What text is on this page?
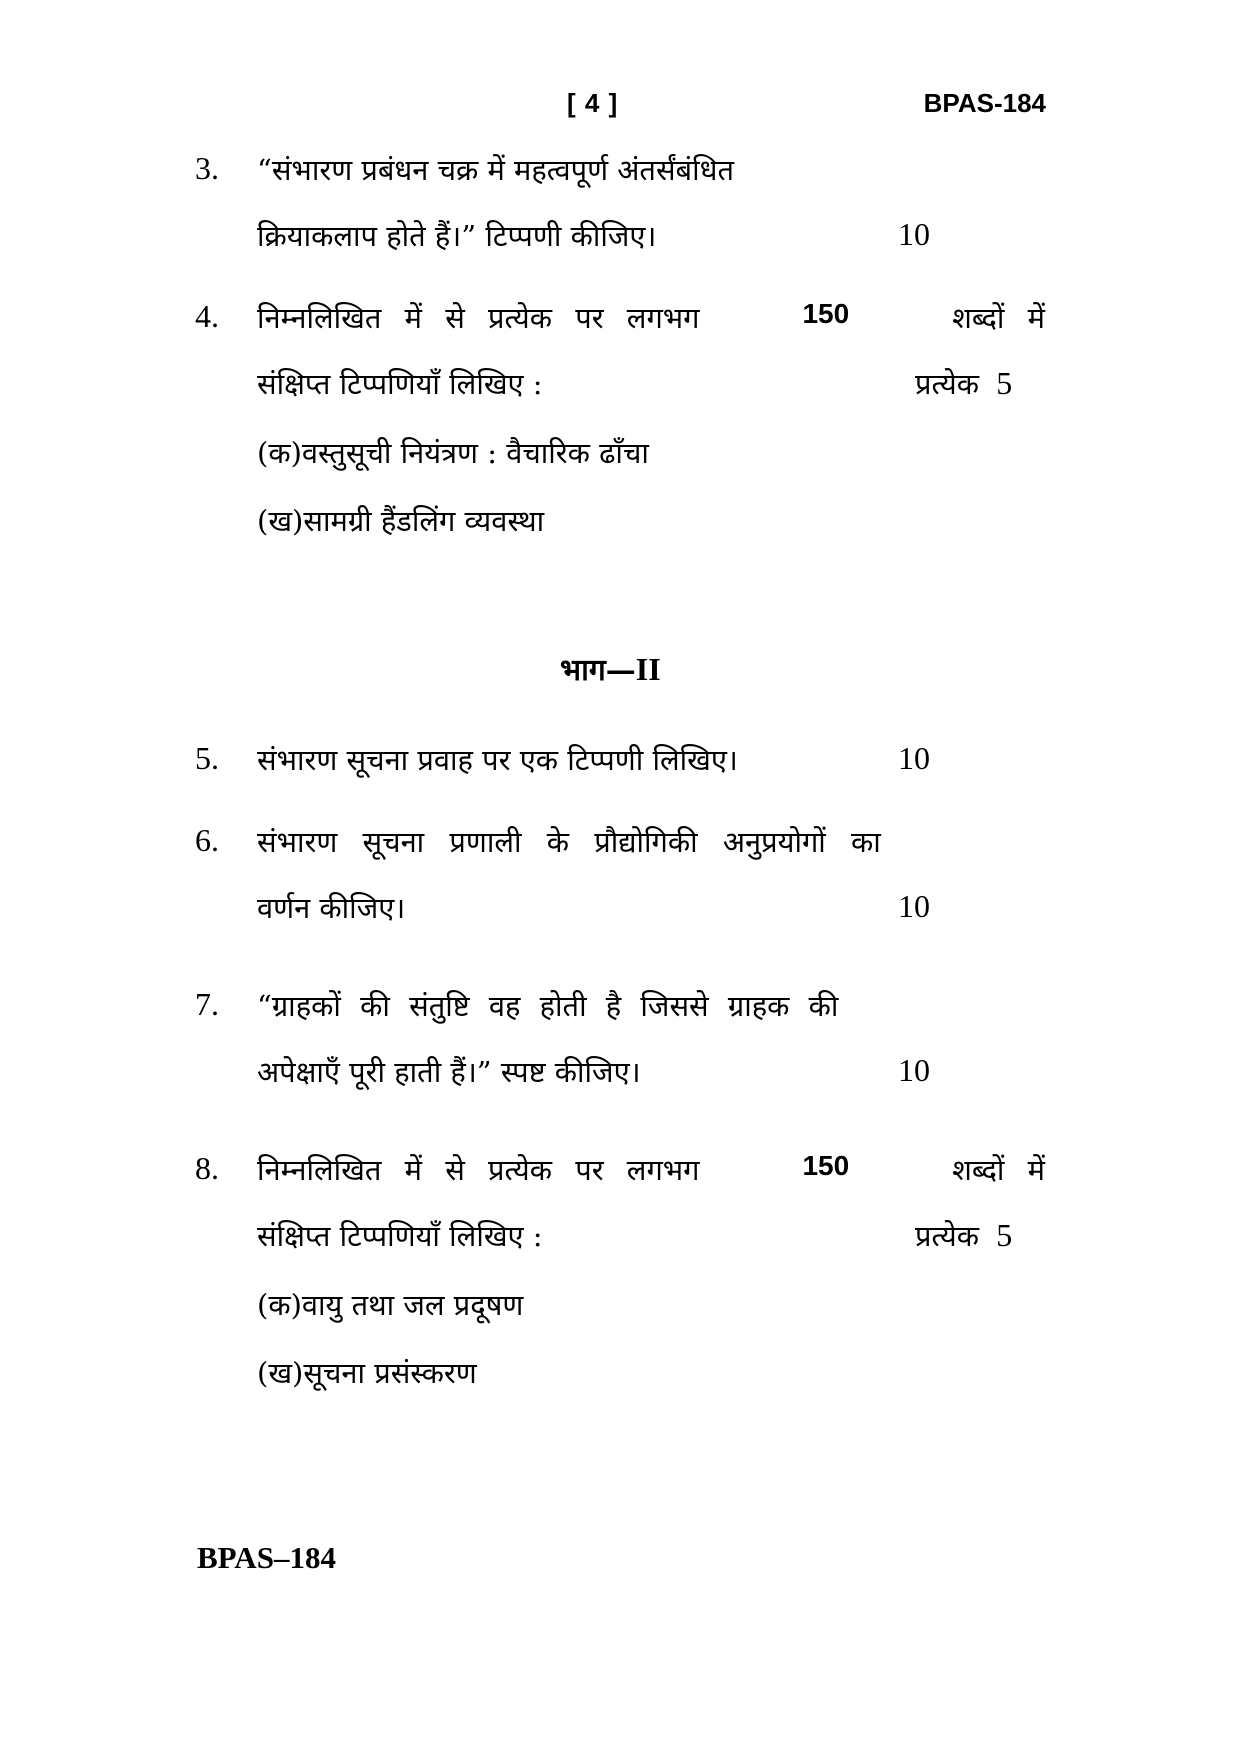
[ 4 ]	BPAS-184
3. “संभारण प्रबंधन चक्र में महत्वपूर्ण अंतर्संबंधित
क्रियाकलाप होते हैं।” टिप्पणी कीजिए।	10
4. निम्नलिखित में से प्रत्येक पर लगभग	150	शब्दों में
संक्षिप्त टिप्पणियाँ लिखिए :	प्रत्येक 5
(क)वस्तुसूची नियंत्रण : वैचारिक ढाँचा
(ख)सामग्री हैंडलिंग व्यवस्था
भाग—II
5. संभारण सूचना प्रवाह पर एक टिप्पणी लिखिए।	10
6. संभारण सूचना प्रणाली के प्रौद्योगिकी अनुप्रयोगों का
वर्णन कीजिए।	10
7. “ग्राहकों की संतुष्टि वह होती है जिससे ग्राहक की
अपेक्षाएँ पूरी हाती हैं।” स्पष्ट कीजिए।	10
8. निम्नलिखित में से प्रत्येक पर लगभग	150	शब्दों में
संक्षिप्त टिप्पणियाँ लिखिए :	प्रत्येक 5
(क)वायु तथा जल प्रदूषण
(ख)सूचना प्रसंस्करण
BPAS–184
